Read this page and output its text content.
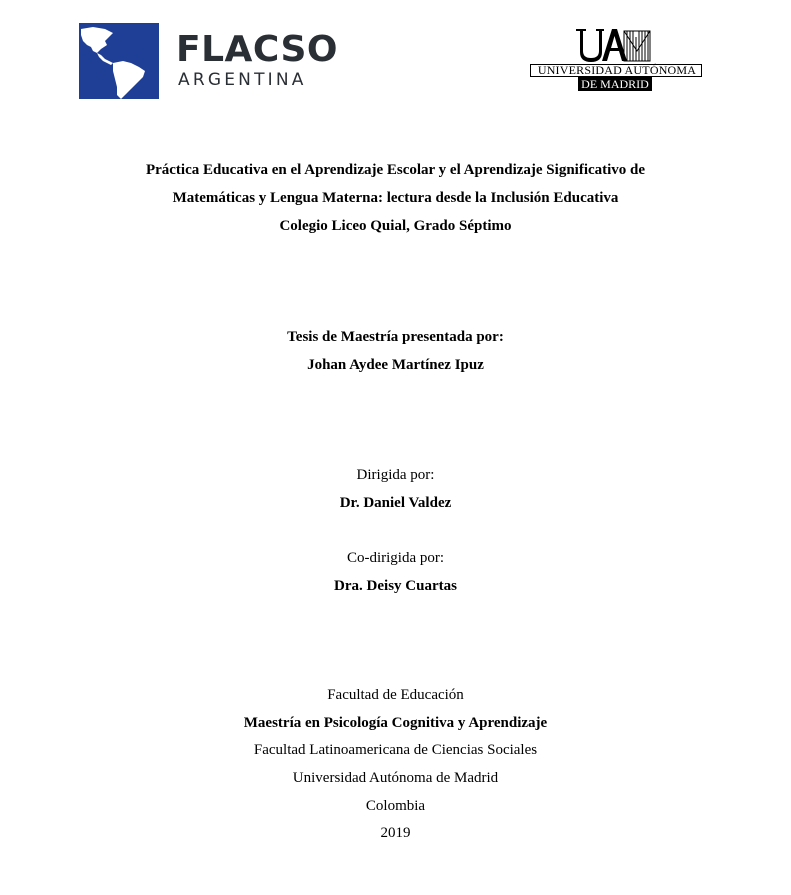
FLACSO
ARGENTINA	UNIVERSIDAD AUTÓNOMA
DE MADRID
Práctica Educativa en el Aprendizaje Escolar y el Aprendizaje Significativo de
Matemáticas y Lengua Materna: lectura desde la Inclusión Educativa
Colegio Liceo Quial, Grado Séptimo
Tesis de Maestría presentada por:
Johan Aydee Martínez Ipuz
Dirigida por:
Dr. Daniel Valdez
Co-dirigida por:
Dra. Deisy Cuartas
Facultad de Educación
Maestría en Psicología Cognitiva y Aprendizaje
Facultad Latinoamericana de Ciencias Sociales
Universidad Autónoma de Madrid
Colombia
2019
